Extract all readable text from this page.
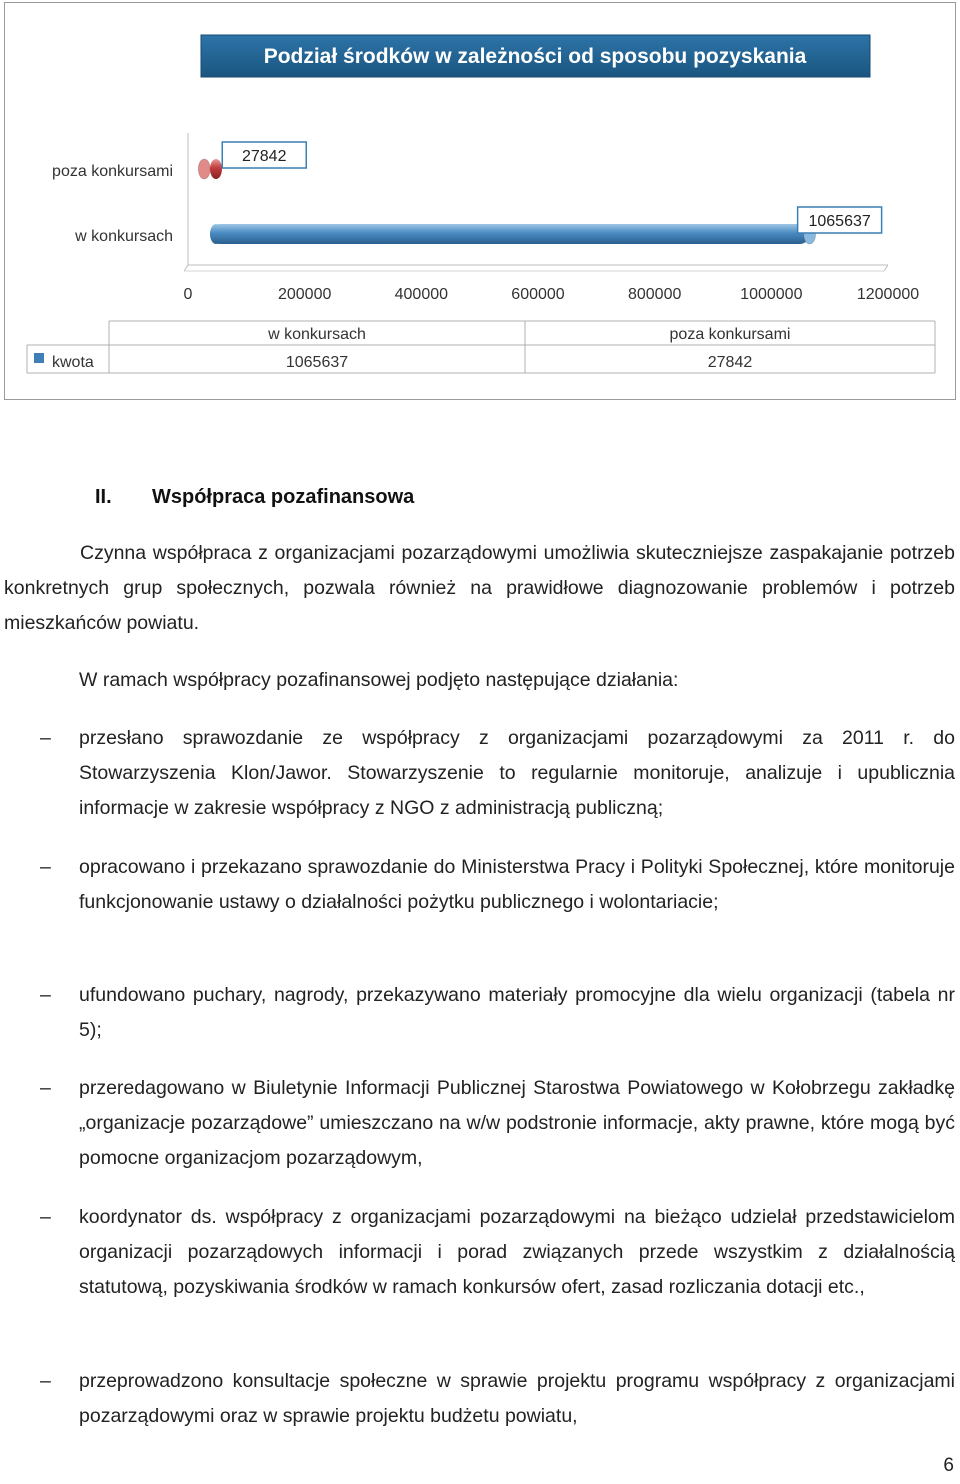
Podział środków w zależności od sposobu pozyskania
0	200000	400000	600000	800000	1000000	1200000
w konkursach
1065637
poza konkursami
27842
w konkursach	poza konkursami
1065637	27842
kwota
II. Współpraca pozafinansowa

Czynna współpraca z organizacjami pozarządowymi umożliwia skuteczniejsze zaspakajanie potrzeb konkretnych grup społecznych, pozwala również na prawidłowe diagnozowanie problemów i potrzeb mieszkańców powiatu.

W ramach współpracy pozafinansowej podjęto następujące działania:
– przesłano sprawozdanie ze współpracy z organizacjami pozarządowymi za 2011 r. do Stowarzyszenia Klon/Jawor. Stowarzyszenie to regularnie monitoruje, analizuje i upublicznia informacje w zakresie współpracy z NGO z administracją publiczną;
– opracowano i przekazano sprawozdanie do Ministerstwa Pracy i Polityki Społecznej, które monitoruje funkcjonowanie ustawy o działalności pożytku publicznego i wolontariacie;
– ufundowano puchary, nagrody, przekazywano materiały promocyjne dla wielu organizacji (tabela nr 5);
– przeredagowano w Biuletynie Informacji Publicznej Starostwa Powiatowego w Kołobrzegu zakładkę „organizacje pozarządowe” umieszczano na w/w podstronie informacje, akty prawne, które mogą być pomocne organizacjom pozarządowym,
– koordynator ds. współpracy z organizacjami pozarządowymi na bieżąco udzielał przedstawicielom organizacji pozarządowych informacji i porad związanych przede wszystkim z działalnością statutową, pozyskiwania środków w ramach konkursów ofert, zasad rozliczania dotacji etc.,
– przeprowadzono konsultacje społeczne w sprawie projektu programu współpracy z organizacjami pozarządowymi oraz w sprawie projektu budżetu powiatu,
6
